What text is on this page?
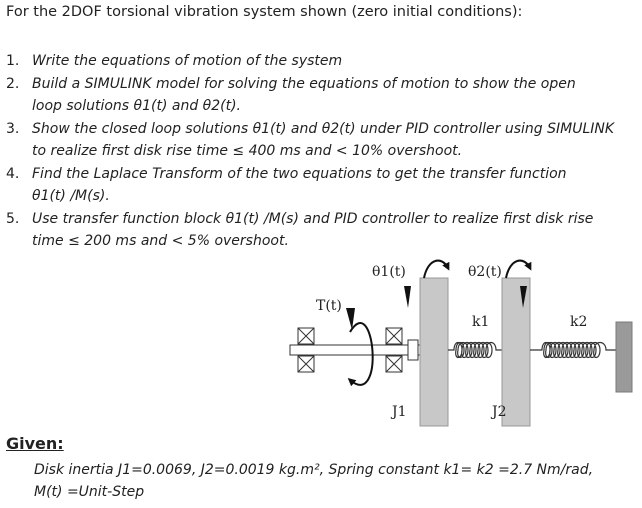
For the 2DOF torsional vibration system shown (zero initial conditions):

1. Write the equations of motion of the system
2. Build a SIMULINK model for solving the equations of motion to show the open
loop solutions θ1(t) and θ2(t).
3. Show the closed loop solutions θ1(t) and θ2(t) under PID controller using SIMULINK
to realize first disk rise time ≤ 400 ms and < 10% overshoot.
4. Find the Laplace Transform of the two equations to get the transfer function
θ1(t) /M(s).
5. Use transfer function block θ1(t) /M(s) and PID controller to realize first disk rise
time ≤ 200 ms and < 5% overshoot.
T(t)
J1
θ1(t)
k1
J2
θ2(t)
k2

Given:

Disk inertia J1=0.0069, J2=0.0019 kg.m², Spring constant k1= k2 =2.7 Nm/rad,
M(t) =Unit-Step
